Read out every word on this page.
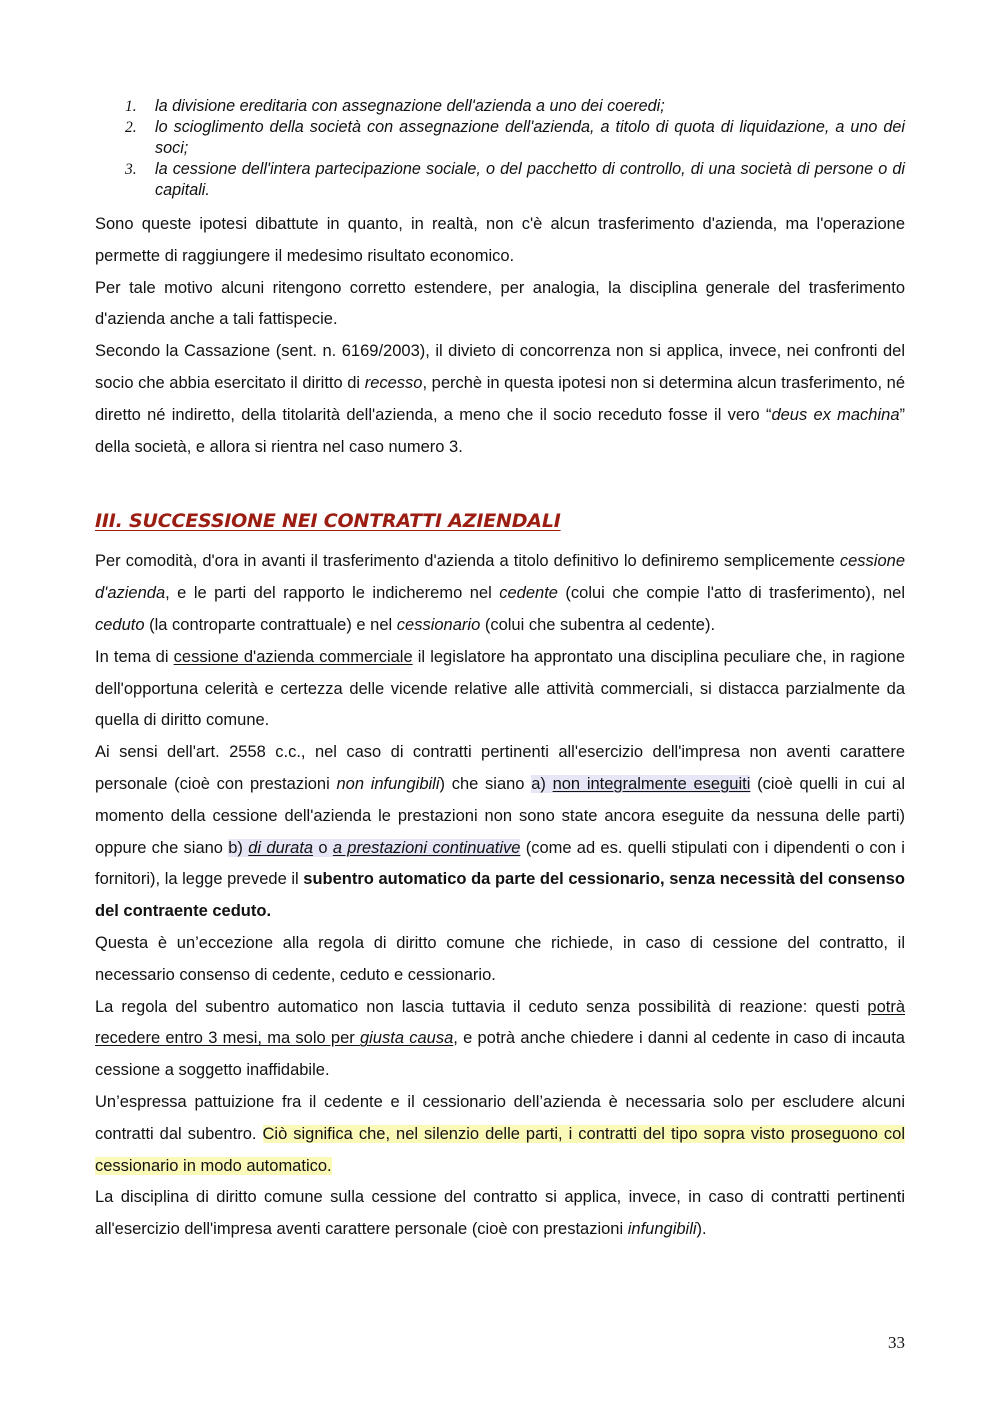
1. la divisione ereditaria con assegnazione dell'azienda a uno dei coeredi;
2. lo scioglimento della società con assegnazione dell'azienda, a titolo di quota di liquidazione, a uno dei soci;
3. la cessione dell'intera partecipazione sociale, o del pacchetto di controllo, di una società di persone o di capitali.

Sono queste ipotesi dibattute in quanto, in realtà, non c'è alcun trasferimento d'azienda, ma l'operazione permette di raggiungere il medesimo risultato economico.

Per tale motivo alcuni ritengono corretto estendere, per analogia, la disciplina generale del trasferimento d'azienda anche a tali fattispecie.

Secondo la Cassazione (sent. n. 6169/2003), il divieto di concorrenza non si applica, invece, nei confronti del socio che abbia esercitato il diritto di recesso, perchè in questa ipotesi non si determina alcun trasferimento, né diretto né indiretto, della titolarità dell'azienda, a meno che il socio receduto fosse il vero “deus ex machina” della società, e allora si rientra nel caso numero 3.

III. SUCCESSIONE NEI CONTRATTI AZIENDALI

Per comodità, d'ora in avanti il trasferimento d'azienda a titolo definitivo lo definiremo semplicemente cessione d'azienda, e le parti del rapporto le indicheremo nel cedente (colui che compie l'atto di trasferimento), nel ceduto (la controparte contrattuale) e nel cessionario (colui che subentra al cedente).

In tema di cessione d'azienda commerciale il legislatore ha approntato una disciplina peculiare che, in ragione dell'opportuna celerità e certezza delle vicende relative alle attività commerciali, si distacca parzialmente da quella di diritto comune.

Ai sensi dell'art. 2558 c.c., nel caso di contratti pertinenti all'esercizio dell'impresa non aventi carattere personale (cioè con prestazioni non infungibili) che siano a) non integralmente eseguiti (cioè quelli in cui al momento della cessione dell'azienda le prestazioni non sono state ancora eseguite da nessuna delle parti) oppure che siano b) di durata o a prestazioni continuative (come ad es. quelli stipulati con i dipendenti o con i fornitori), la legge prevede il subentro automatico da parte del cessionario, senza necessità del consenso del contraente ceduto.

Questa è un’eccezione alla regola di diritto comune che richiede, in caso di cessione del contratto, il necessario consenso di cedente, ceduto e cessionario.

La regola del subentro automatico non lascia tuttavia il ceduto senza possibilità di reazione: questi potrà recedere entro 3 mesi, ma solo per giusta causa, e potrà anche chiedere i danni al cedente in caso di incauta cessione a soggetto inaffidabile.

Un’espressa pattuizione fra il cedente e il cessionario dell’azienda è necessaria solo per escludere alcuni contratti dal subentro. Ciò significa che, nel silenzio delle parti, i contratti del tipo sopra visto proseguono col cessionario in modo automatico.

La disciplina di diritto comune sulla cessione del contratto si applica, invece, in caso di contratti pertinenti all'esercizio dell'impresa aventi carattere personale (cioè con prestazioni infungibili).

33
